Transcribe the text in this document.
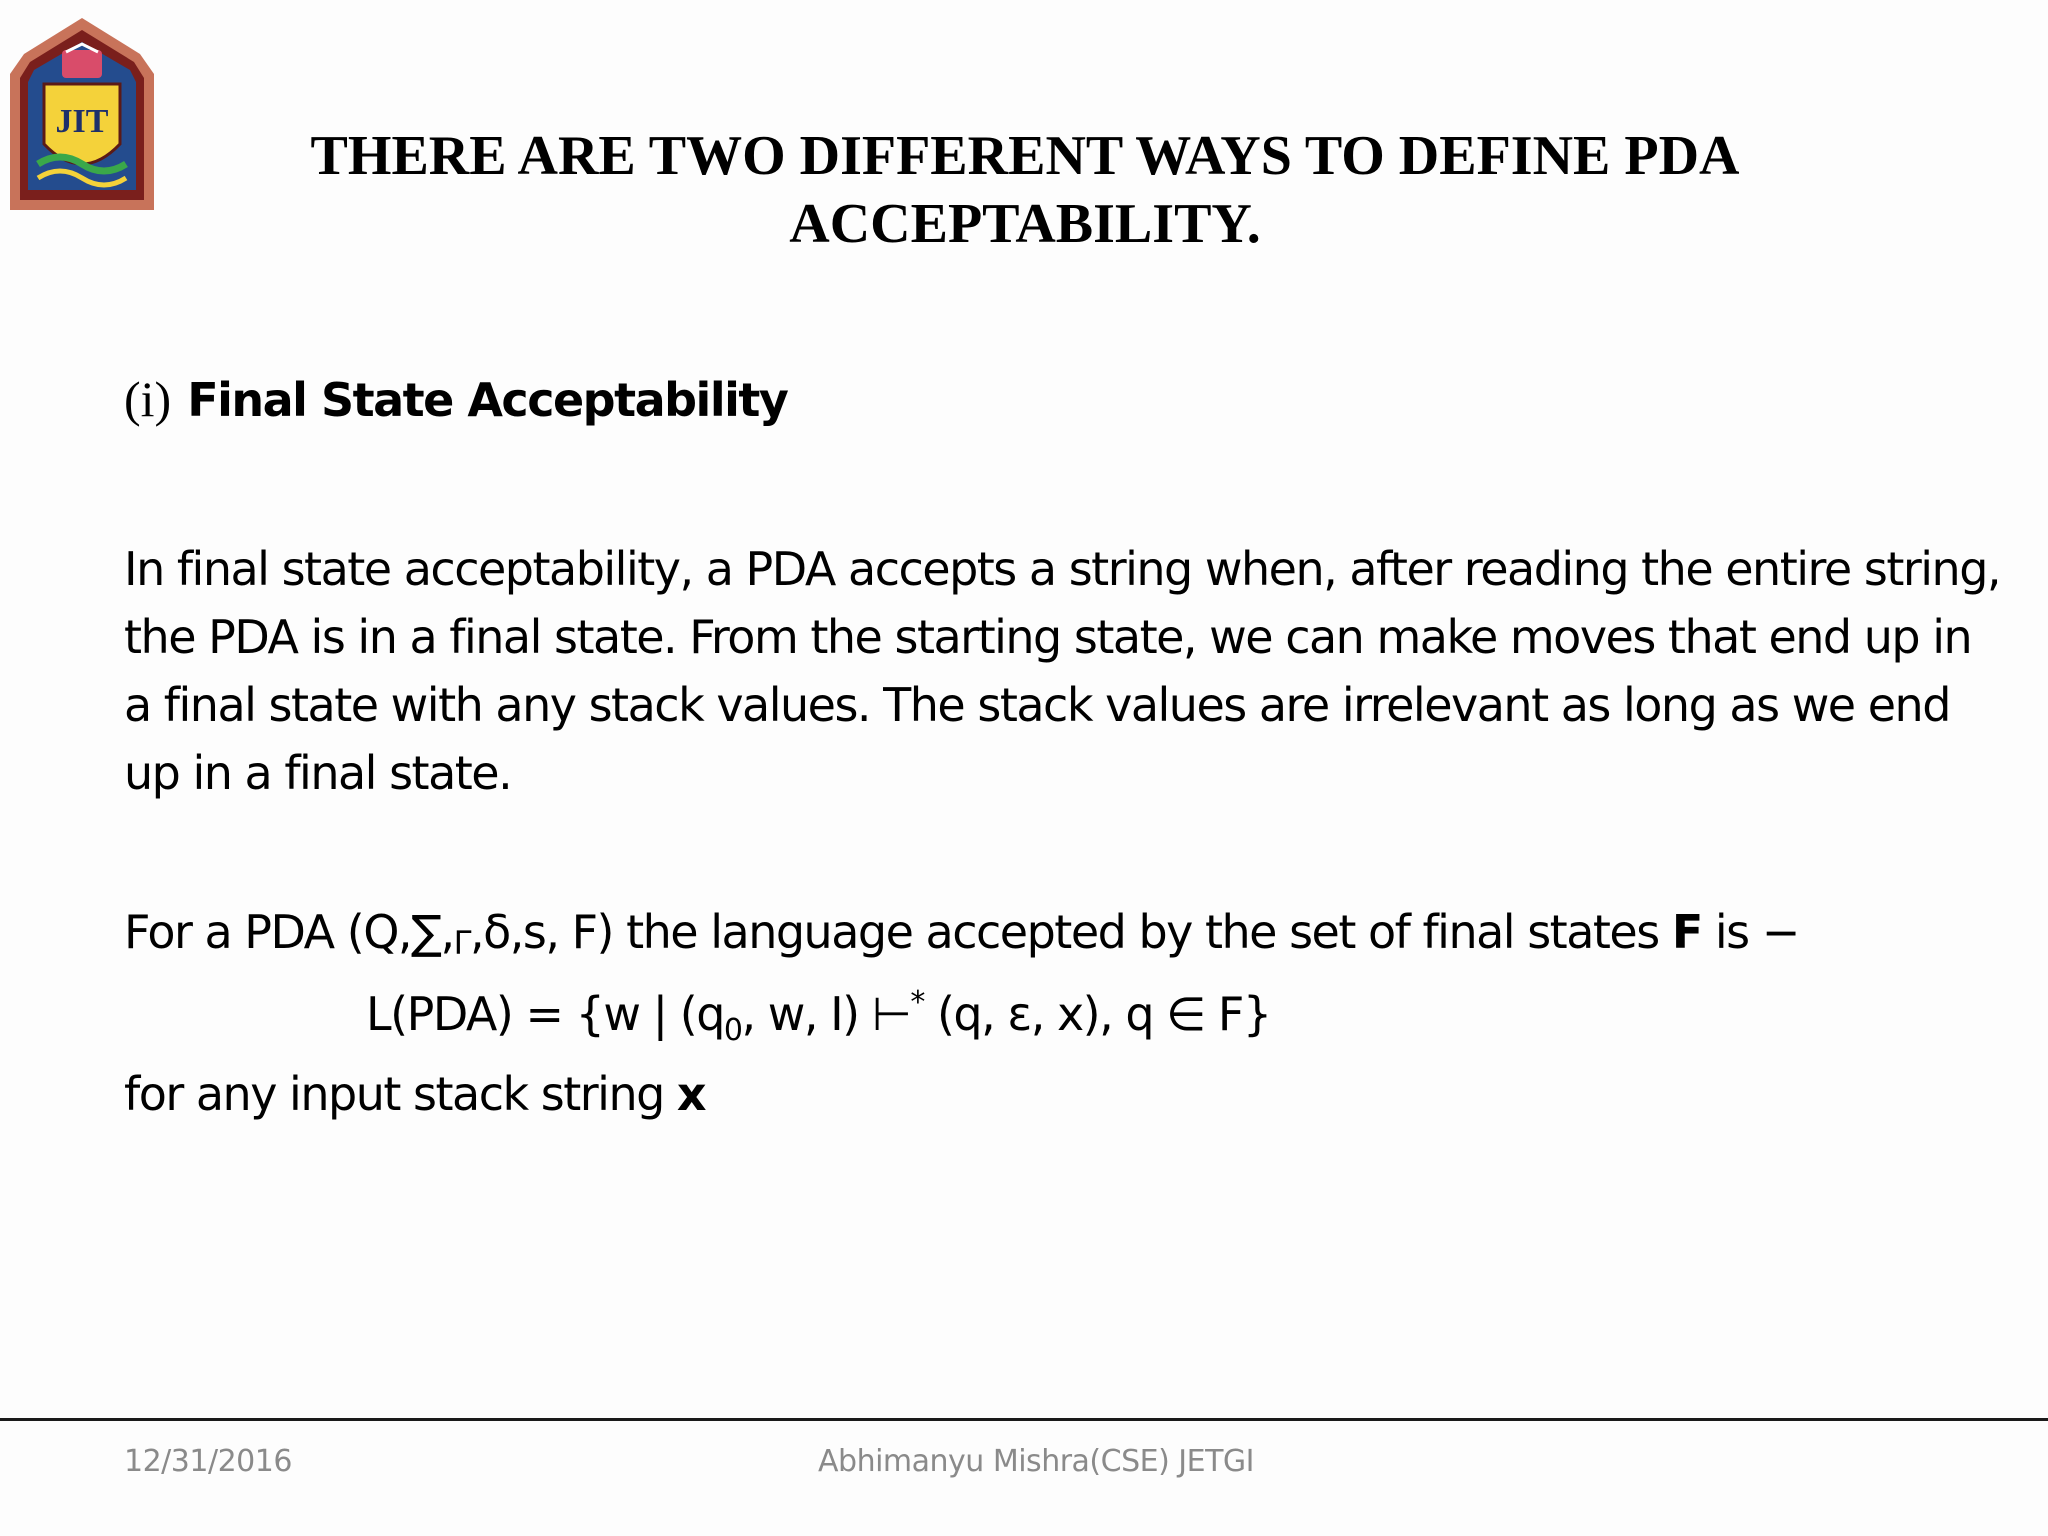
JIT
THERE ARE TWO DIFFERENT WAYS TO DEFINE PDA ACCEPTABILITY.
(i) Final State Acceptability
In final state acceptability, a PDA accepts a string when, after reading the entire string, the PDA is in a final state. From the starting state, we can make moves that end up in a final state with any stack values. The stack values are irrelevant as long as we end up in a final state.
For a PDA (Q,∑,Γ,δ,s, F) the language accepted by the set of final states F is −
L(PDA) = {w | ($q_0$, w, I) ⊢* (q, ε, x), q ∈ F}
for any input stack string x
12/31/2016	Abhimanyu Mishra(CSE) JETGI
